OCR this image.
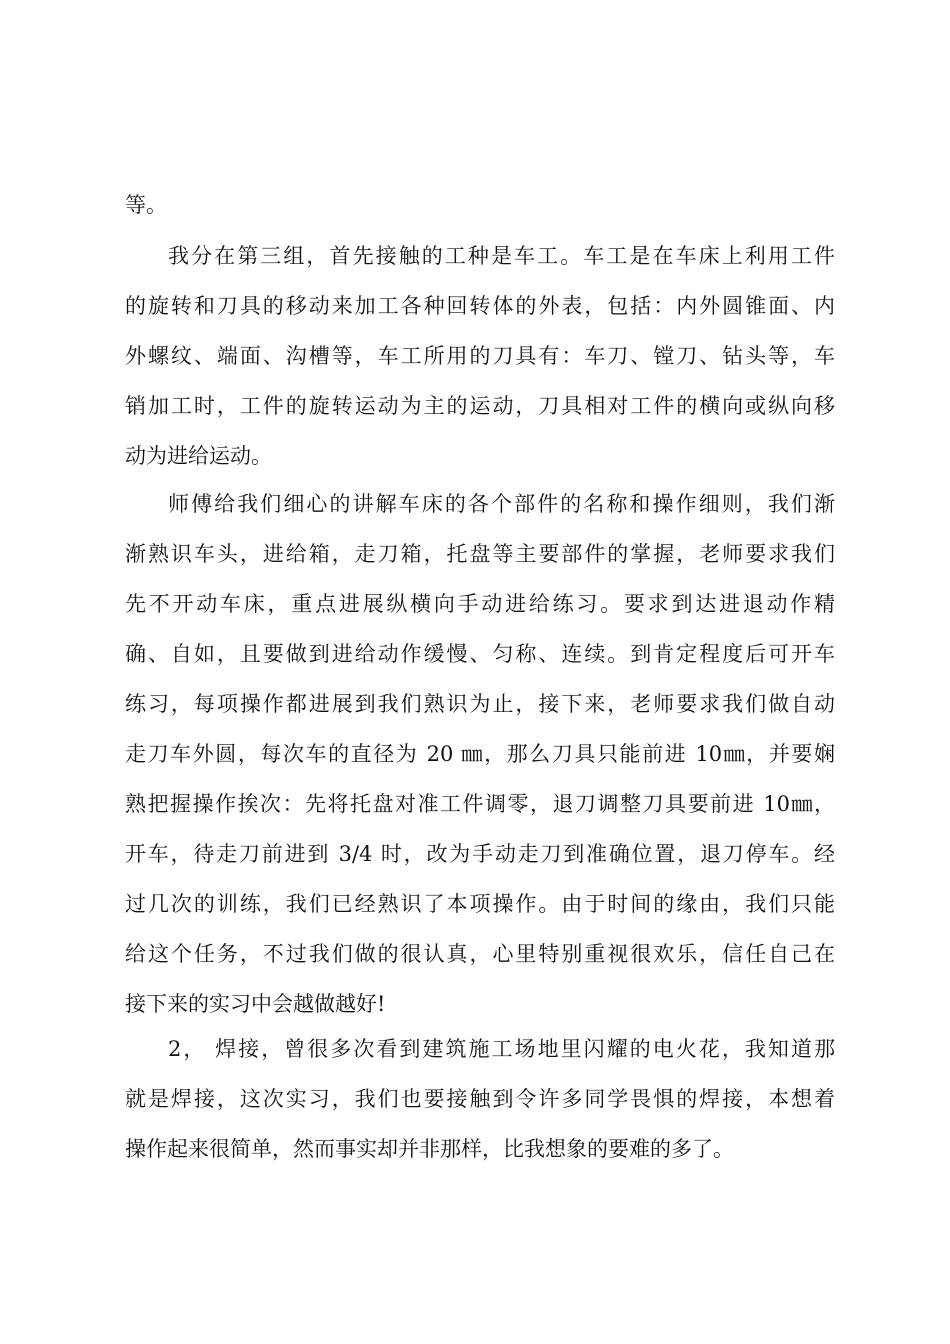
等。
我分在第三组，首先接触的工种是车工。车工是在车床上利用工件
的旋转和刀具的移动来加工各种回转体的外表，包括：内外圆锥面、内
外螺纹、端面、沟槽等，车工所用的刀具有：车刀、镗刀、钻头等，车
销加工时，工件的旋转运动为主的运动，刀具相对工件的横向或纵向移
动为进给运动。
师傅给我们细心的讲解车床的各个部件的名称和操作细则，我们渐
渐熟识车头，进给箱，走刀箱，托盘等主要部件的掌握，老师要求我们
先不开动车床，重点进展纵横向手动进给练习。要求到达进退动作精
确、自如，且要做到进给动作缓慢、匀称、连续。到肯定程度后可开车
练习，每项操作都进展到我们熟识为止，接下来，老师要求我们做自动
走刀车外圆，每次车的直径为 20 ㎜，那么刀具只能前进 10㎜，并要娴
熟把握操作挨次：先将托盘对准工件调零，退刀调整刀具要前进 10㎜，
开车，待走刀前进到 3/4 时，改为手动走刀到准确位置，退刀停车。经
过几次的训练，我们已经熟识了本项操作。由于时间的缘由，我们只能
给这个任务，不过我们做的很认真，心里特别重视很欢乐，信任自己在
接下来的实习中会越做越好!
2， 焊接，曾很多次看到建筑施工场地里闪耀的电火花，我知道那
就是焊接，这次实习，我们也要接触到令许多同学畏惧的焊接，本想着
操作起来很简单，然而事实却并非那样，比我想象的要难的多了。
